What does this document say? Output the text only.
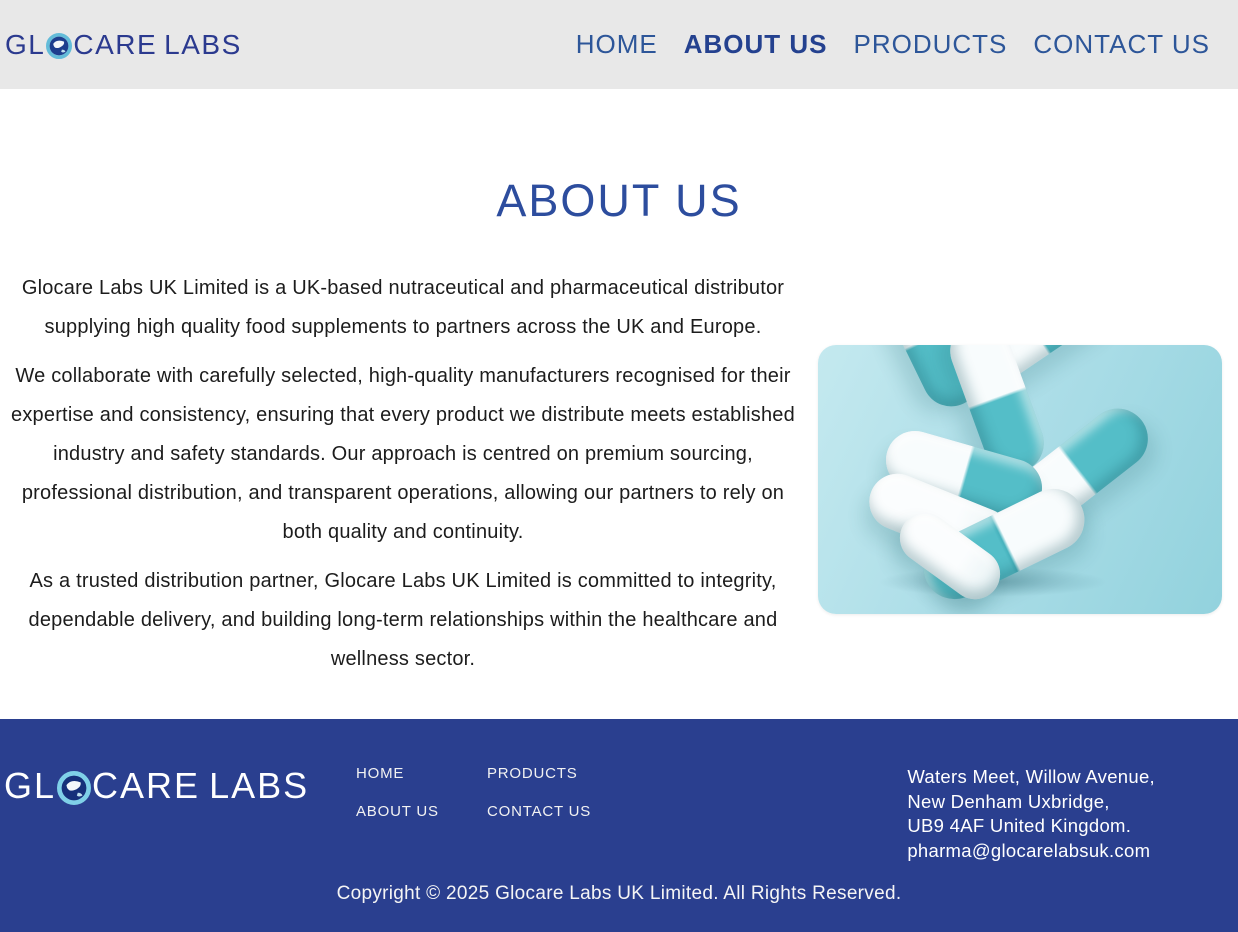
GL CARE LABS	HOME ABOUT US PRODUCTS CONTACT US
ABOUT US

Glocare Labs UK Limited is a UK-based nutraceutical and pharmaceutical distributor supplying high quality food supplements to partners across the UK and Europe.

We collaborate with carefully selected, high-quality manufacturers recognised for their expertise and consistency, ensuring that every product we distribute meets established industry and safety standards. Our approach is centred on premium sourcing, professional distribution, and transparent operations, allowing our partners to rely on both quality and continuity.

As a trusted distribution partner, Glocare Labs UK Limited is committed to integrity, dependable delivery, and building long-term relationships within the healthcare and wellness sector.

GL CARE LABS	HOME
ABOUT US
PRODUCTS
CONTACT US
Waters Meet, Willow Avenue,
New Denham Uxbridge,
UB9 4AF United Kingdom.
pharma@glocarelabsuk.com
Copyright © 2025 Glocare Labs UK Limited. All Rights Reserved.
